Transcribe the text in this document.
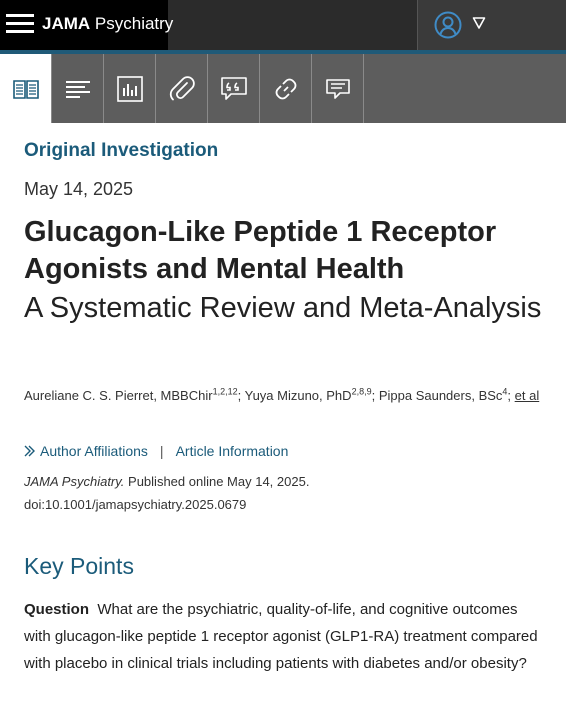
JAMA Psychiatry
Original Investigation
May 14, 2025
Glucagon-Like Peptide 1 Receptor Agonists and Mental Health
A Systematic Review and Meta-Analysis
Aureliane C. S. Pierret, MBBChir$^{1,2,12}$; Yuya Mizuno, PhD$^{2,8,9}$; Pippa Saunders, BSc$^4$; et al
Author Affiliations | Article Information
JAMA Psychiatry. Published online May 14, 2025.
doi:10.1001/jamapsychiatry.2025.0679
Key Points

Question What are the psychiatric, quality-of-life, and cognitive outcomes with glucagon-like peptide 1 receptor agonist (GLP1-RA) treatment compared with placebo in clinical trials including patients with diabetes and/or obesity?
